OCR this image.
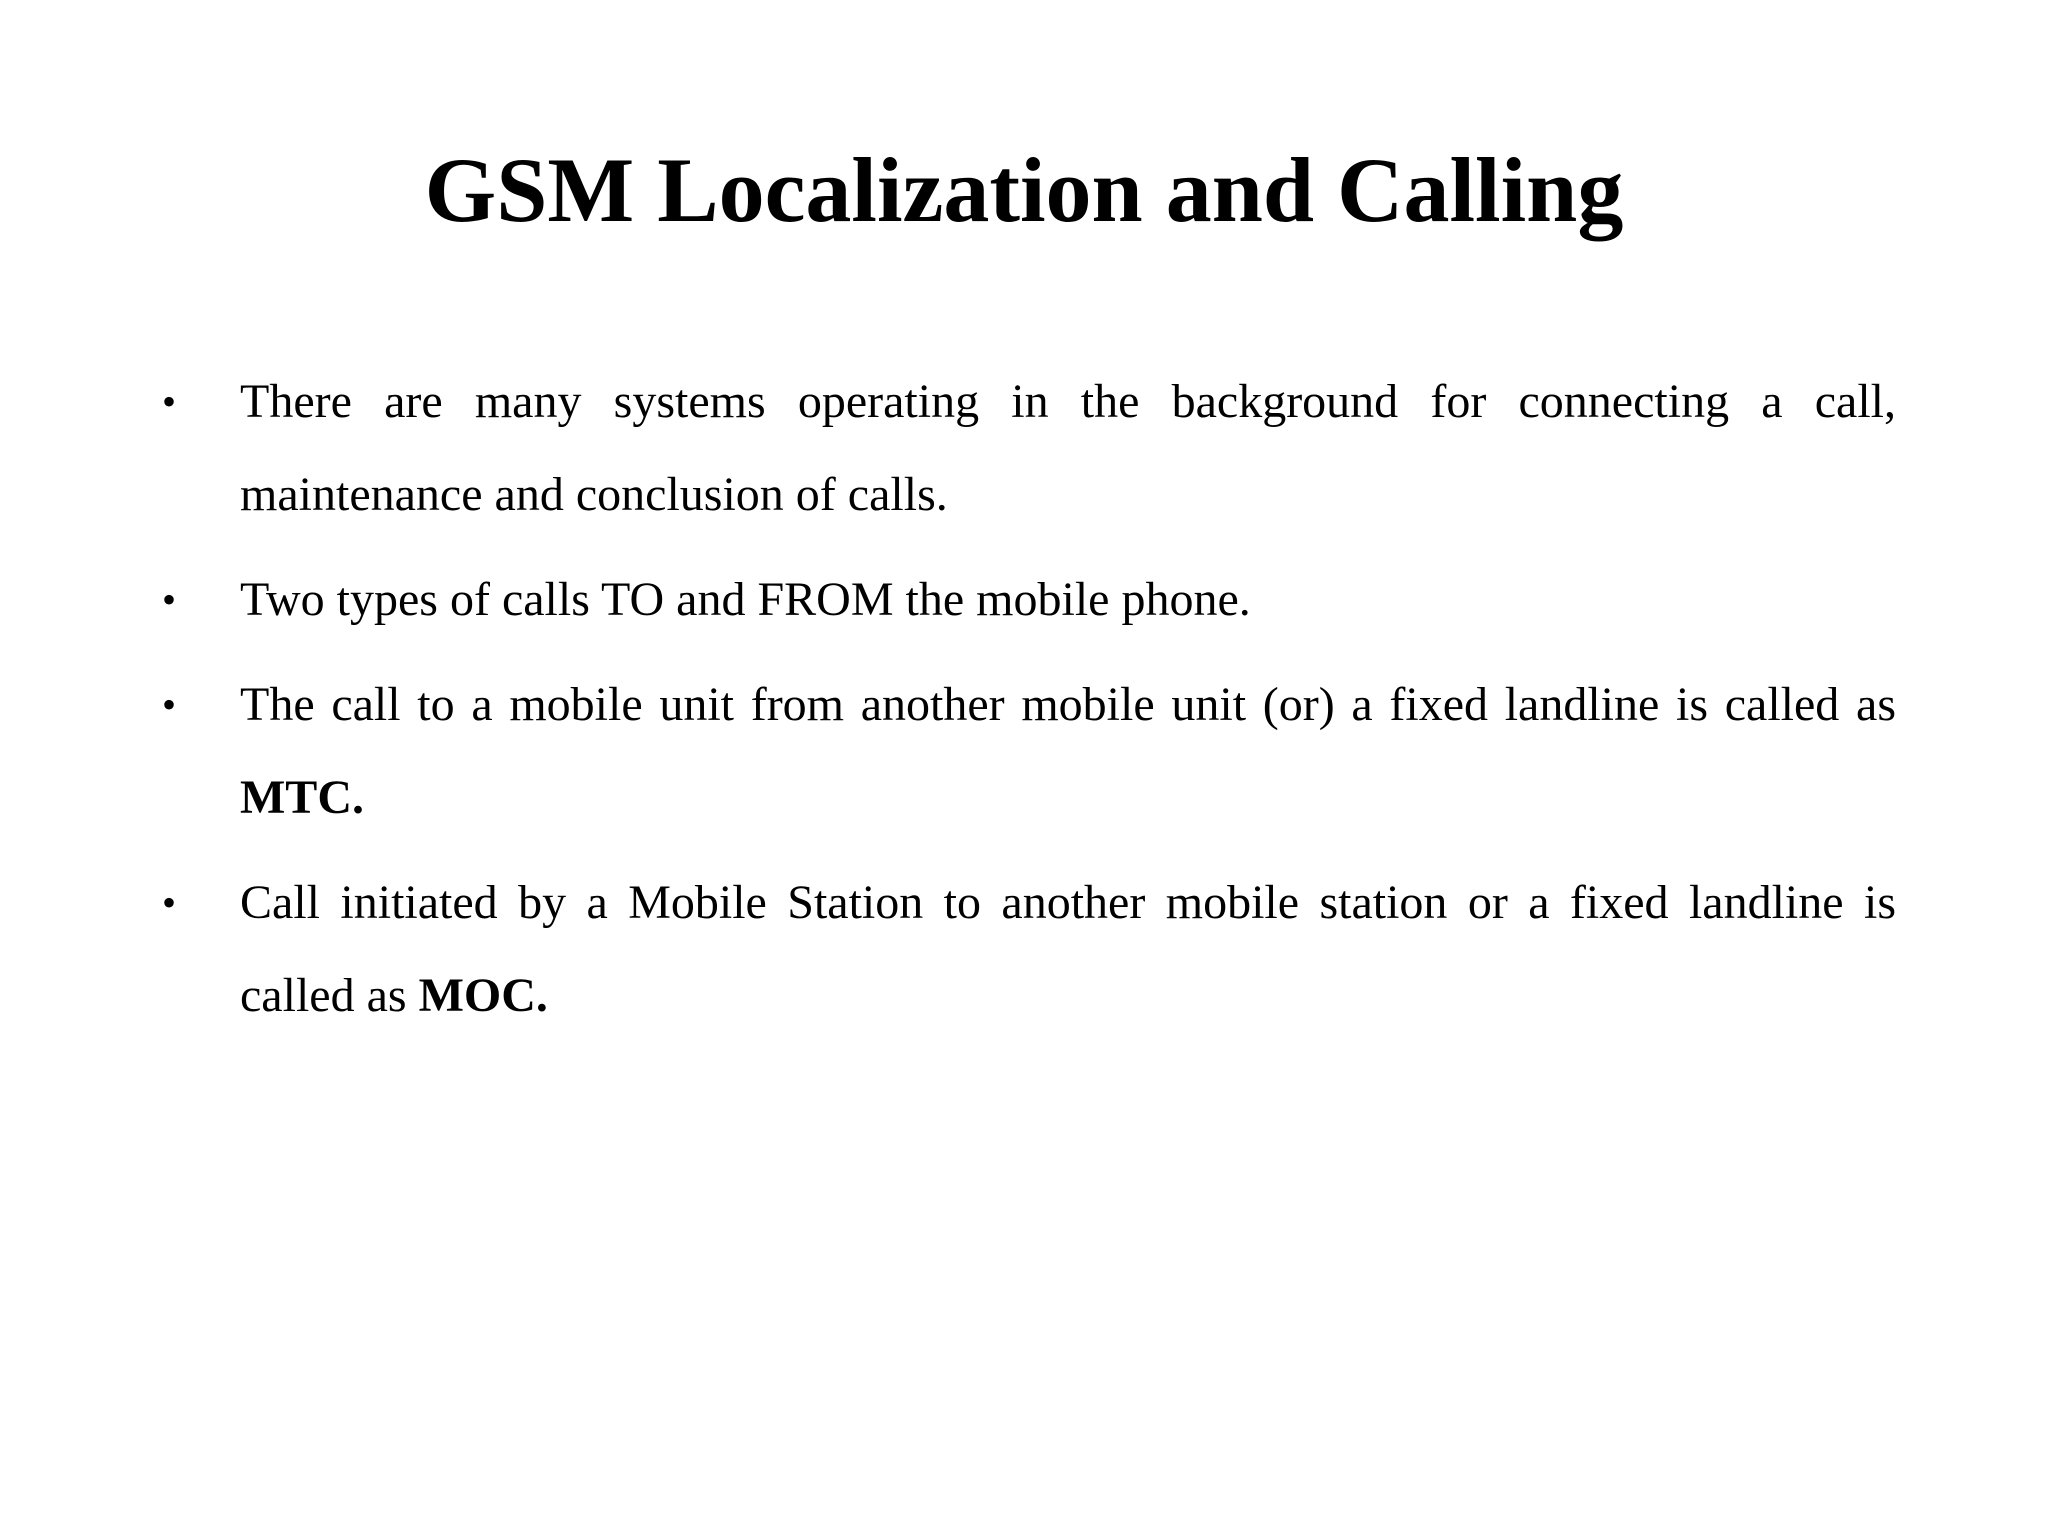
GSM Localization and Calling
• There are many systems operating in the background for connecting a call, maintenance and conclusion of calls.
• Two types of calls TO and FROM the mobile phone.
• The call to a mobile unit from another mobile unit (or) a fixed landline is called as MTC.
• Call initiated by a Mobile Station to another mobile station or a fixed landline is called as MOC.
